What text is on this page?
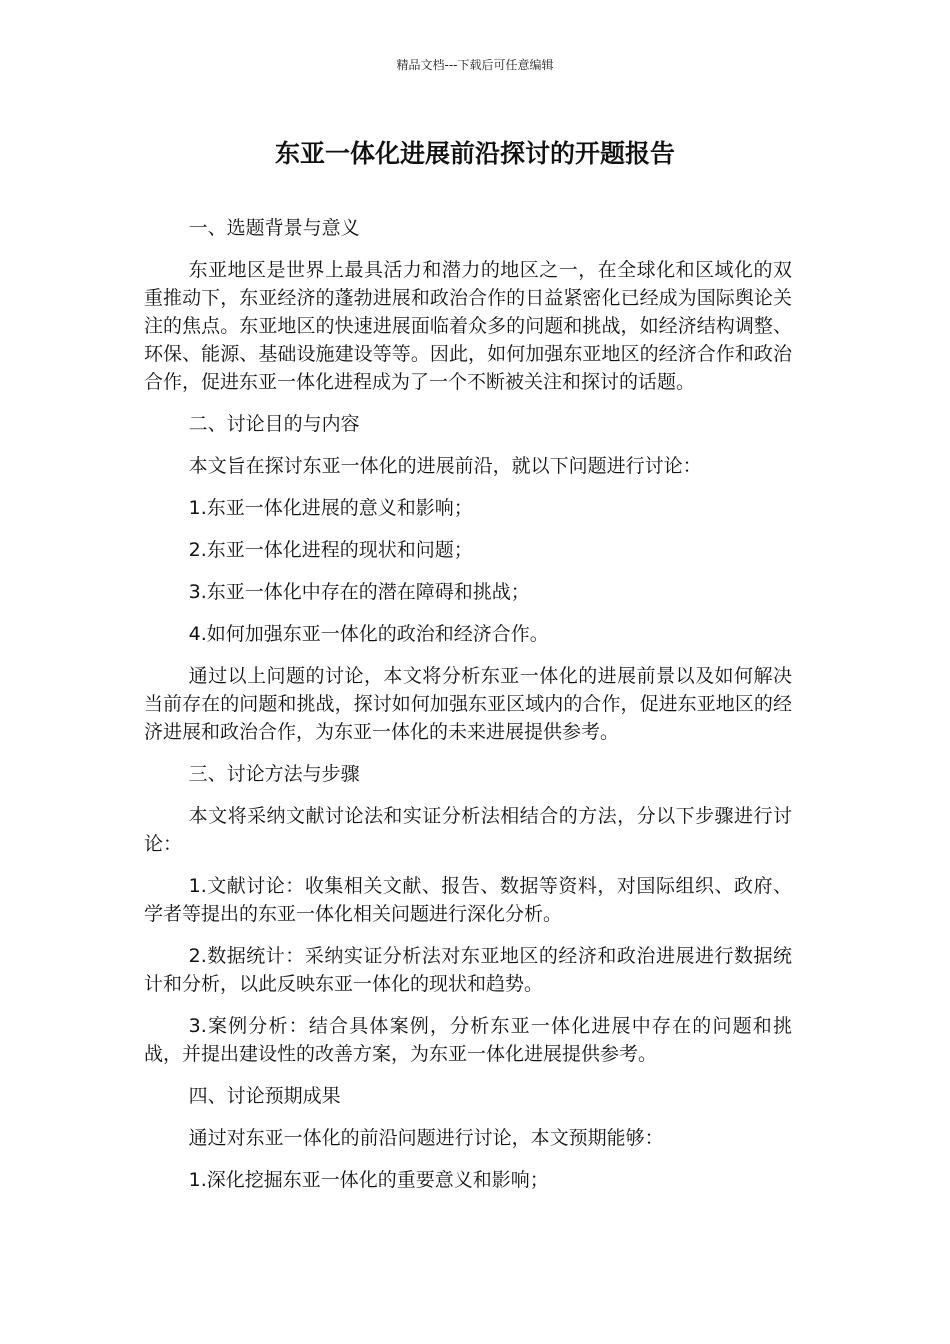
精品文档---下载后可任意编辑
东亚一体化进展前沿探讨的开题报告

一、选题背景与意义

东亚地区是世界上最具活力和潜力的地区之一，在全球化和区域化的双重推动下，东亚经济的蓬勃进展和政治合作的日益紧密化已经成为国际舆论关注的焦点。东亚地区的快速进展面临着众多的问题和挑战，如经济结构调整、环保、能源、基础设施建设等等。因此，如何加强东亚地区的经济合作和政治合作，促进东亚一体化进程成为了一个不断被关注和探讨的话题。

二、讨论目的与内容

本文旨在探讨东亚一体化的进展前沿，就以下问题进行讨论：

1.东亚一体化进展的意义和影响；

2.东亚一体化进程的现状和问题；

3.东亚一体化中存在的潜在障碍和挑战；

4.如何加强东亚一体化的政治和经济合作。

通过以上问题的讨论，本文将分析东亚一体化的进展前景以及如何解决当前存在的问题和挑战，探讨如何加强东亚区域内的合作，促进东亚地区的经济进展和政治合作，为东亚一体化的未来进展提供参考。

三、讨论方法与步骤

本文将采纳文献讨论法和实证分析法相结合的方法，分以下步骤进行讨论：

1.文献讨论：收集相关文献、报告、数据等资料，对国际组织、政府、学者等提出的东亚一体化相关问题进行深化分析。

2.数据统计：采纳实证分析法对东亚地区的经济和政治进展进行数据统计和分析，以此反映东亚一体化的现状和趋势。

3.案例分析：结合具体案例，分析东亚一体化进展中存在的问题和挑战，并提出建设性的改善方案，为东亚一体化进展提供参考。

四、讨论预期成果

通过对东亚一体化的前沿问题进行讨论，本文预期能够：

1.深化挖掘东亚一体化的重要意义和影响；
